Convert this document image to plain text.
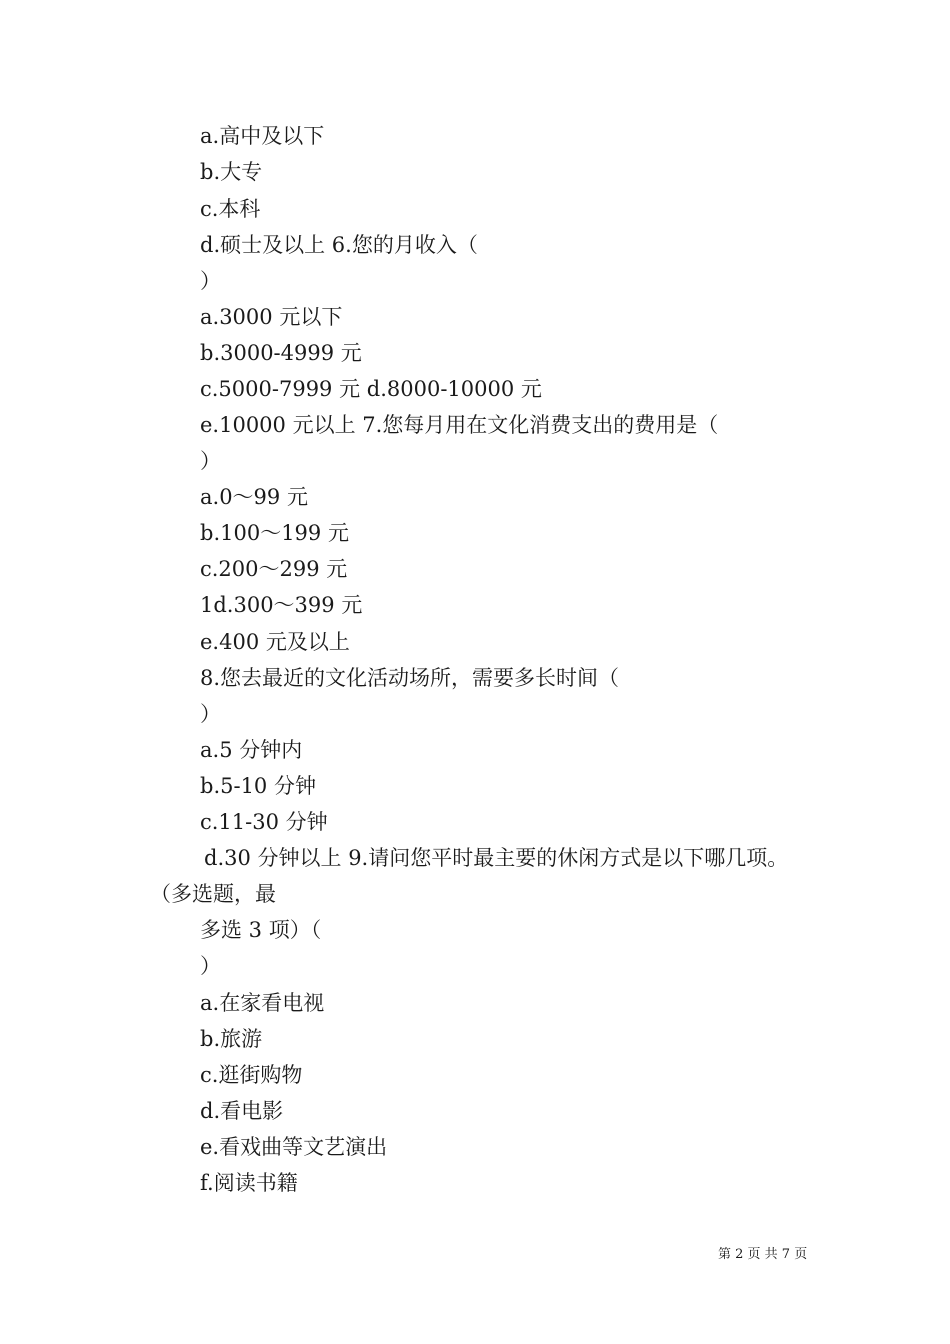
a.高中及以下
b.大专
c.本科
d.硕士及以上 6.您的月收入（
）
a.3000 元以下
b.3000-4999 元
c.5000-7999 元 d.8000-10000 元
e.10000 元以上 7.您每月用在文化消费支出的费用是（
）
a.0～99 元
b.100～199 元
c.200～299 元
1d.300～399 元
e.400 元及以上
8.您去最近的文化活动场所，需要多长时间（
）
a.5 分钟内
b.5-10 分钟
c.11-30 分钟
d.30 分钟以上 9.请问您平时最主要的休闲方式是以下哪几项。
（多选题，最
多选 3 项）（
）
a.在家看电视
b.旅游
c.逛街购物
d.看电影
e.看戏曲等文艺演出
f.阅读书籍
第 2 页 共 7 页
